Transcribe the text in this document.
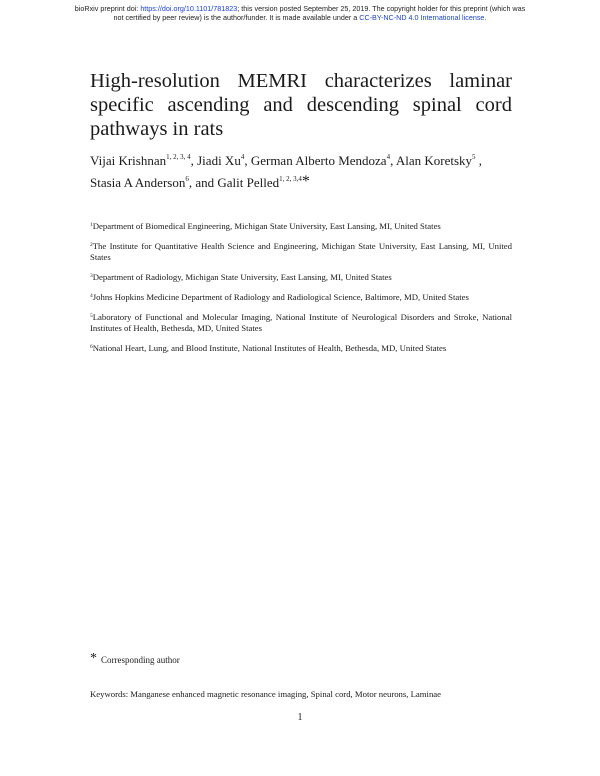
bioRxiv preprint doi: https://doi.org/10.1101/781823; this version posted September 25, 2019. The copyright holder for this preprint (which was
not certified by peer review) is the author/funder. It is made available under a CC-BY-NC-ND 4.0 International license.
High-resolution MEMRI characterizes laminar specific ascending and descending spinal cord pathways in rats
Vijai Krishnan$^{1, 2, 3, 4}$, Jiadi Xu$^4$, German Alberto Mendoza$^4$, Alan Koretsky$^5$ ,
Stasia A Anderson$^6$, and Galit Pelled$^{1, 2, 3,4}$*

$^1$Department of Biomedical Engineering, Michigan State University, East Lansing, MI, United States

$^2$The Institute for Quantitative Health Science and Engineering, Michigan State University, East Lansing, MI, United States

$^3$Department of Radiology, Michigan State University, East Lansing, MI, United States

$^4$Johns Hopkins Medicine Department of Radiology and Radiological Science, Baltimore, MD, United States

$^5$Laboratory of Functional and Molecular Imaging, National Institute of Neurological Disorders and Stroke, National Institutes of Health, Bethesda, MD, United States

$^6$National Heart, Lung, and Blood Institute, National Institutes of Health, Bethesda, MD, United States

* Corresponding author
Keywords: Manganese enhanced magnetic resonance imaging, Spinal cord, Motor neurons, Laminae
1
